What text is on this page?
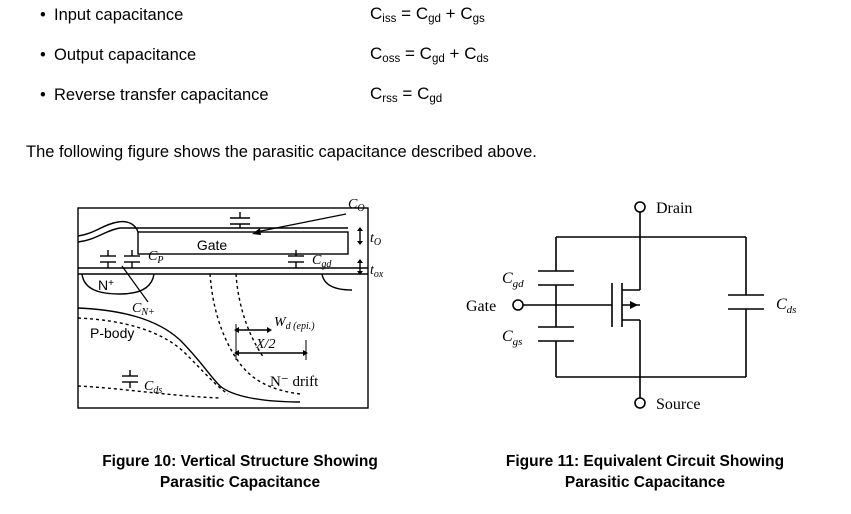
• Input capacitance	$C_{iss} = C_{gd} + C_{gs}$
• Output capacitance	$C_{oss} = C_{gd} + C_{ds}$
• Reverse transfer capacitance	$C_{rss} = C_{gd}$
The following figure shows the parasitic capacitance described above.
$C_O$
$t_O$
$t_{ox}$
$C_P$
$C_{N+}$
$C_{gd}$
$W_{d (epi.)}$
X/2
$C_{ds}$
Gate
N+
P-body
N⁻ drift
Drain
Source
Gate
$C_{gd}$
$C_{gs}$
$C_{ds}$
Figure 10: Vertical Structure Showing
Parasitic Capacitance
Figure 11: Equivalent Circuit Showing
Parasitic Capacitance
